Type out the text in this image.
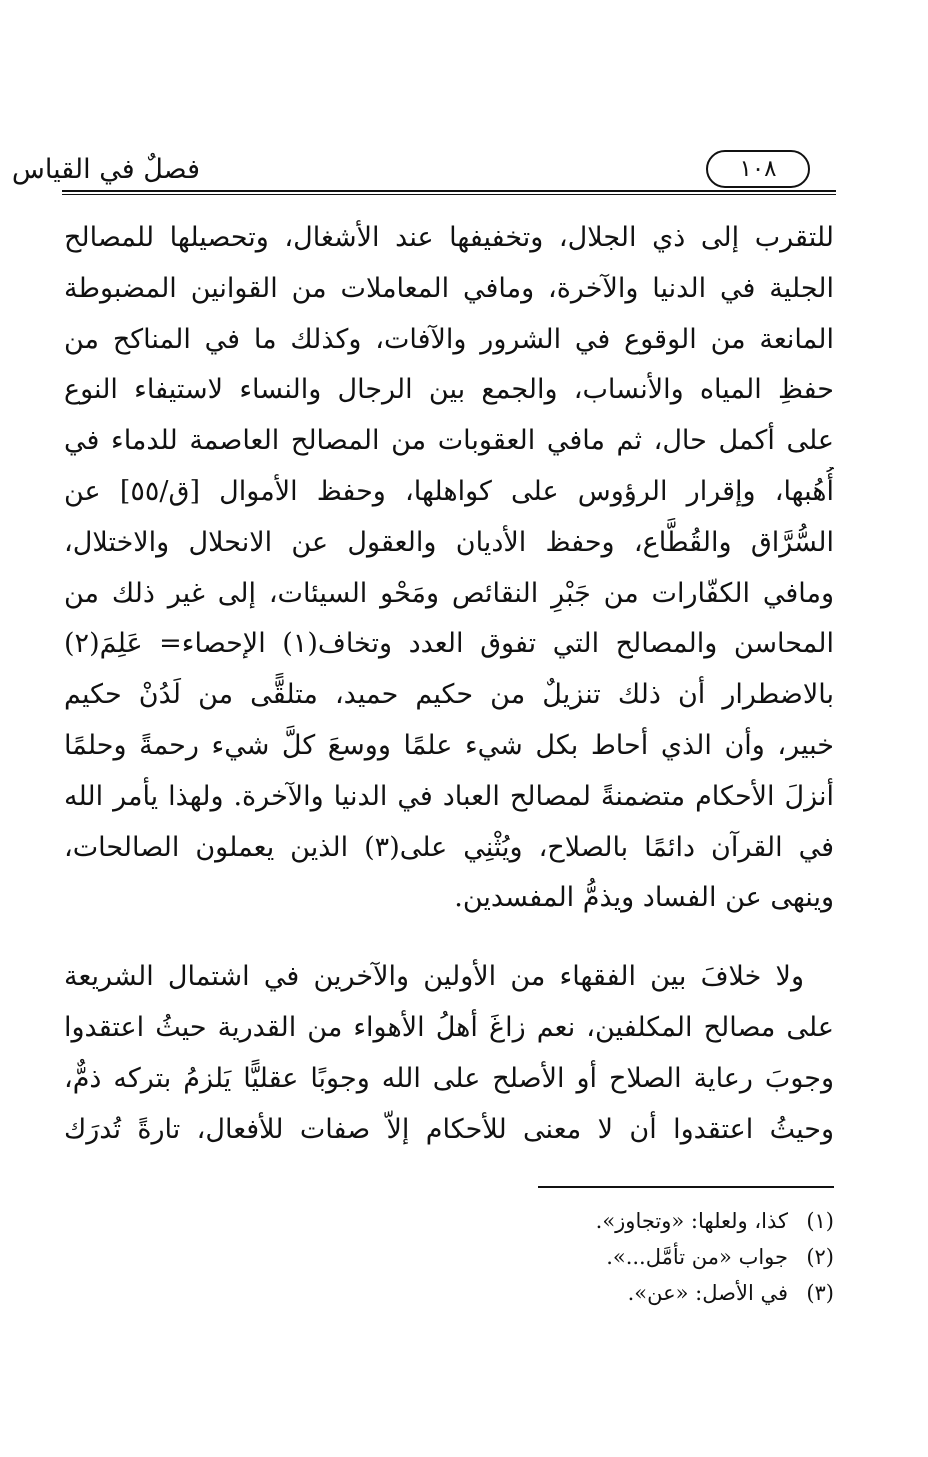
فصلٌ في القياس	١٠٨
للتقرب إلى ذي الجلال، وتخفيفها عند الأشغال، وتحصيلها للمصالح
الجلية في الدنيا والآخرة، ومافي المعاملات من القوانين المضبوطة
المانعة من الوقوع في الشرور والآفات، وكذلك ما في المناكح من
حفظِ المياه والأنساب، والجمع بين الرجال والنساء لاستيفاء النوع
على أكمل حال، ثم مافي العقوبات من المصالح العاصمة للدماء في
أُهُبها، وإقرار الرؤوس على كواهلها، وحفظ الأموال [ق/٥٥] عن
السُّرَّاق والقُطَّاع، وحفظ الأديان والعقول عن الانحلال والاختلال،
ومافي الكفّارات من جَبْرِ النقائص ومَحْو السيئات، إلى غير ذلك من
المحاسن والمصالح التي تفوق العدد وتخاف(١) الإحصاء= عَلِمَ(٢)
بالاضطرار أن ذلك تنزيلٌ من حكيم حميد، متلقًّى من لَدُنْ حكيم
خبير، وأن الذي أحاط بكل شيء علمًا ووسعَ كلَّ شيء رحمةً وحلمًا
أنزلَ الأحكام متضمنةً لمصالح العباد في الدنيا والآخرة. ولهذا يأمر الله
في القرآن دائمًا بالصلاح، ويُثْنِي على(٣) الذين يعملون الصالحات،
وينهى عن الفساد ويذمُّ المفسدين.
ولا خلافَ بين الفقهاء من الأولين والآخرين في اشتمال الشريعة
على مصالح المكلفين، نعم زاغَ أهلُ الأهواء من القدرية حيثُ اعتقدوا
وجوبَ رعاية الصلاح أو الأصلح على الله وجوبًا عقليًّا يَلزمُ بتركه ذمٌّ،
وحيثُ اعتقدوا أن لا معنى للأحكام إلاّ صفات للأفعال، تارةً تُدرَك
(١)كذا، ولعلها: «وتجاوز».
(٢)جواب «من تأمَّل...».
(٣)في الأصل: «عن».
